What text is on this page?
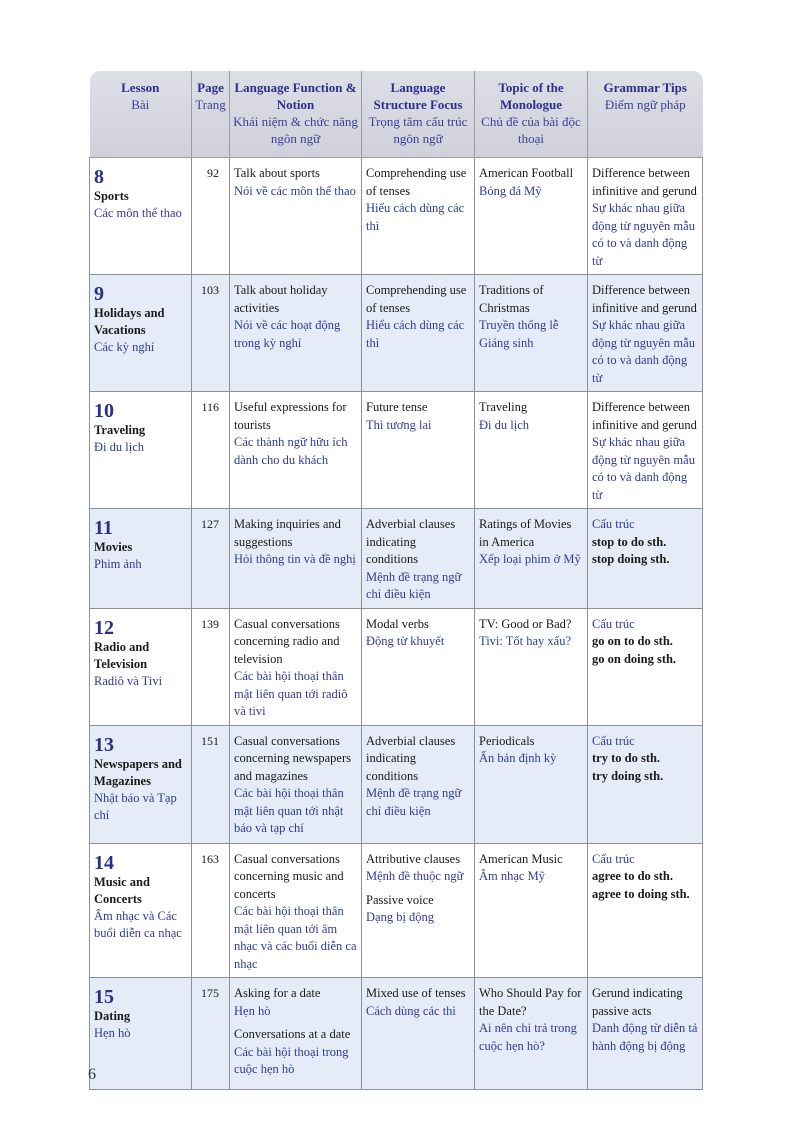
Lesson
Bài	Page
Trang	Language Function & Notion
Khái niệm & chức năng ngôn ngữ	Language Structure Focus
Trọng tâm cấu trúc ngôn ngữ	Topic of the Monologue
Chủ đề của bài độc thoại	Grammar Tips
Điểm ngữ pháp

8
Sports
Các môn thể thao	92	Talk about sports
Nói về các môn thể thao	Comprehending use of tenses
Hiểu cách dùng các thì	American Football
Bóng đá Mỹ	Difference between infinitive and gerund
Sự khác nhau giữa động từ nguyên mẫu có to và danh động từ

9
Holidays and Vacations
Các kỳ nghỉ	103	Talk about holiday activities
Nói về các hoạt động trong kỳ nghỉ	Comprehending use of tenses
Hiểu cách dùng các thì	Traditions of Christmas
Truyền thống lễ Giáng sinh	Difference between infinitive and gerund
Sự khác nhau giữa động từ nguyên mẫu có to và danh động từ

10
Traveling
Đi du lịch	116	Useful expressions for tourists
Các thành ngữ hữu ích dành cho du khách	Future tense
Thì tương lai	Traveling
Đi du lịch	Difference between infinitive and gerund
Sự khác nhau giữa động từ nguyên mẫu có to và danh động từ

11
Movies
Phim ảnh	127	Making inquiries and suggestions
Hỏi thông tin và đề nghị	Adverbial clauses indicating conditions
Mệnh đề trạng ngữ chỉ điều kiện	Ratings of Movies in America
Xếp loại phim ở Mỹ	Cấu trúc
stop to do sth.
stop doing sth.

12
Radio and Television
Radiô và Tivi	139	Casual conversations concerning radio and television
Các bài hội thoại thân mật liên quan tới radiô và tivi	Modal verbs
Động từ khuyết	TV: Good or Bad?
Tivi: Tốt hay xấu?	Cấu trúc
go on to do sth.
go on doing sth.

13
Newspapers and Magazines
Nhật báo và Tạp chí	151	Casual conversations concerning newspapers and magazines
Các bài hội thoại thân mật liên quan tới nhật báo và tạp chí	Adverbial clauses indicating conditions
Mệnh đề trạng ngữ chỉ điều kiện	Periodicals
Ấn bản định kỳ	Cấu trúc
try to do sth.
try doing sth.

14
Music and Concerts
Âm nhạc và Các buổi diễn ca nhạc	163	Casual conversations concerning music and concerts
Các bài hội thoại thân mật liên quan tới âm nhạc và các buổi diễn ca nhạc	Attributive clauses
Mệnh đề thuộc ngữ
Passive voice
Dạng bị động	American Music
Âm nhạc Mỹ	Cấu trúc
agree to do sth.
agree to doing sth.

15
Dating
Hẹn hò	175	Asking for a date
Hẹn hò
Conversations at a date
Các bài hội thoại trong cuộc hẹn hò	Mixed use of tenses
Cách dùng các thì	Who Should Pay for the Date?
Ai nên chi trả trong cuộc hẹn hò?	Gerund indicating passive acts
Danh động từ diễn tả hành động bị động
6
